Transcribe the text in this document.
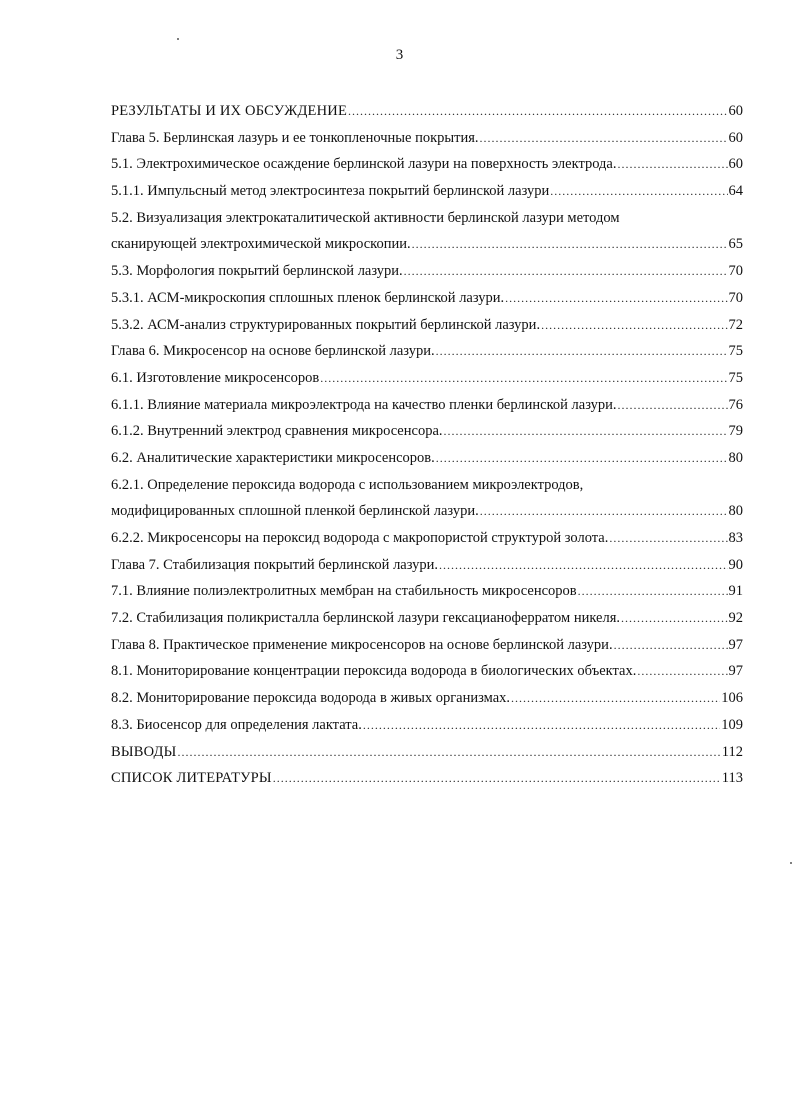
3
РЕЗУЛЬТАТЫ И ИХ ОБСУЖДЕНИЕ .....	60
Глава 5. Берлинская лазурь и ее тонкопленочные покрытия. .....	60
5.1. Электрохимическое осаждение берлинской лазури на поверхность электрода. .....	60
5.1.1. Импульсный метод электросинтеза покрытий берлинской лазури .....	64
5.2. Визуализация электрокаталитической активности берлинской лазури методом
сканирующей электрохимической микроскопии. .....	65
5.3. Морфология покрытий берлинской лазури. .....	70
5.3.1. АСМ-микроскопия сплошных пленок берлинской лазури. .....	70
5.3.2. АСМ-анализ структурированных покрытий берлинской лазури. .....	72
Глава 6. Микросенсор на основе берлинской лазури. .....	75
6.1. Изготовление микросенсоров .....	75
6.1.1. Влияние материала микроэлектрода на качество пленки берлинской лазури. .....	76
6.1.2. Внутренний электрод сравнения микросенсора. .....	79
6.2. Аналитические характеристики микросенсоров. .....	80
6.2.1. Определение пероксида водорода с использованием микроэлектродов,
модифицированных сплошной пленкой берлинской лазури. .....	80
6.2.2. Микросенсоры на пероксид водорода с макропористой структурой золота. .....	83
Глава 7. Стабилизация покрытий берлинской лазури. .....	90
7.1. Влияние полиэлектролитных мембран на стабильность микросенсоров .....	91
7.2. Стабилизация поликристалла берлинской лазури гексацианоферратом никеля. .....	92
Глава 8. Практическое применение микросенсоров на основе берлинской лазури. .....	97
8.1. Мониторирование концентрации пероксида водорода в биологических объектах. .....	97
8.2. Мониторирование пероксида водорода в живых организмах. .....	106
8.3. Биосенсор для определения лактата. .....	109
ВЫВОДЫ .....	112
СПИСОК ЛИТЕРАТУРЫ .....	113
